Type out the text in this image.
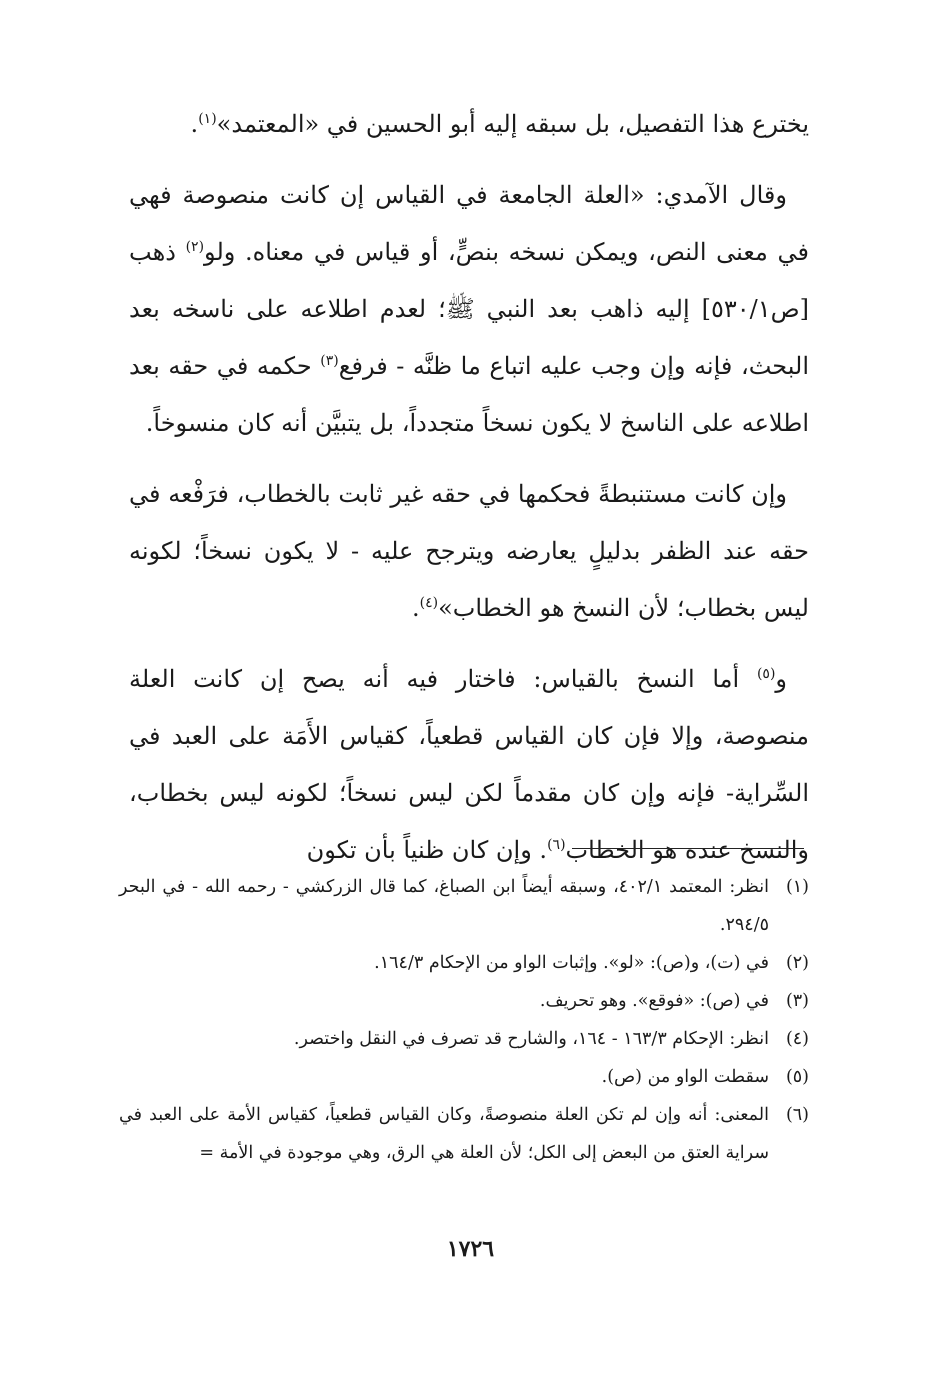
يخترع هذا التفصيل، بل سبقه إليه أبو الحسين في «المعتمد»$^{(١)}$.

وقال الآمدي: «العلة الجامعة في القياس إن كانت منصوصة فهي في معنى النص، ويمكن نسخه بنصٍّ، أو قياس في معناه. ولو$^{(٢)}$ ذهب [ص٥٣٠/١] إليه ذاهب بعد النبي ﷺ؛ لعدم اطلاعه على ناسخه بعد البحث، فإنه وإن وجب عليه اتباع ما ظنَّه - فرفع$^{(٣)}$ حكمه في حقه بعد اطلاعه على الناسخ لا يكون نسخاً متجدداً، بل يتبيَّن أنه كان منسوخاً.

وإن كانت مستنبطةً فحكمها في حقه غير ثابت بالخطاب، فرَفْعه في حقه عند الظفر بدليلٍ يعارضه ويترجح عليه - لا يكون نسخاً؛ لكونه ليس بخطاب؛ لأن النسخ هو الخطاب»$^{(٤)}$.

و$^{(٥)}$ أما النسخ بالقياس: فاختار فيه أنه يصح إن كانت العلة منصوصة، وإلا فإن كان القياس قطعياً، كقياس الأَمَة على العبد في السِّراية- فإنه وإن كان مقدماً لكن ليس نسخاً؛ لكونه ليس بخطاب، والنسخ عنده هو الخطاب$^{(٦)}$. وإن كان ظنياً بأن تكون

(١)
انظر: المعتمد ٤٠٢/١، وسبقه أيضاً ابن الصباغ، كما قال الزركشي - رحمه الله - في البحر ٢٩٤/٥.
(٢)
في (ت)، و(ص): «لو». وإثبات الواو من الإحكام ١٦٤/٣.
(٣)
في (ص): «فوقع». وهو تحريف.
(٤)
انظر: الإحكام ١٦٣/٣ - ١٦٤، والشارح قد تصرف في النقل واختصر.
(٥)
سقطت الواو من (ص).
(٦)
المعنى: أنه وإن لم تكن العلة منصوصةً، وكان القياس قطعياً، كقياس الأمة على العبد في سراية العتق من البعض إلى الكل؛ لأن العلة هي الرق، وهي موجودة في الأمة =
١٧٢٦
